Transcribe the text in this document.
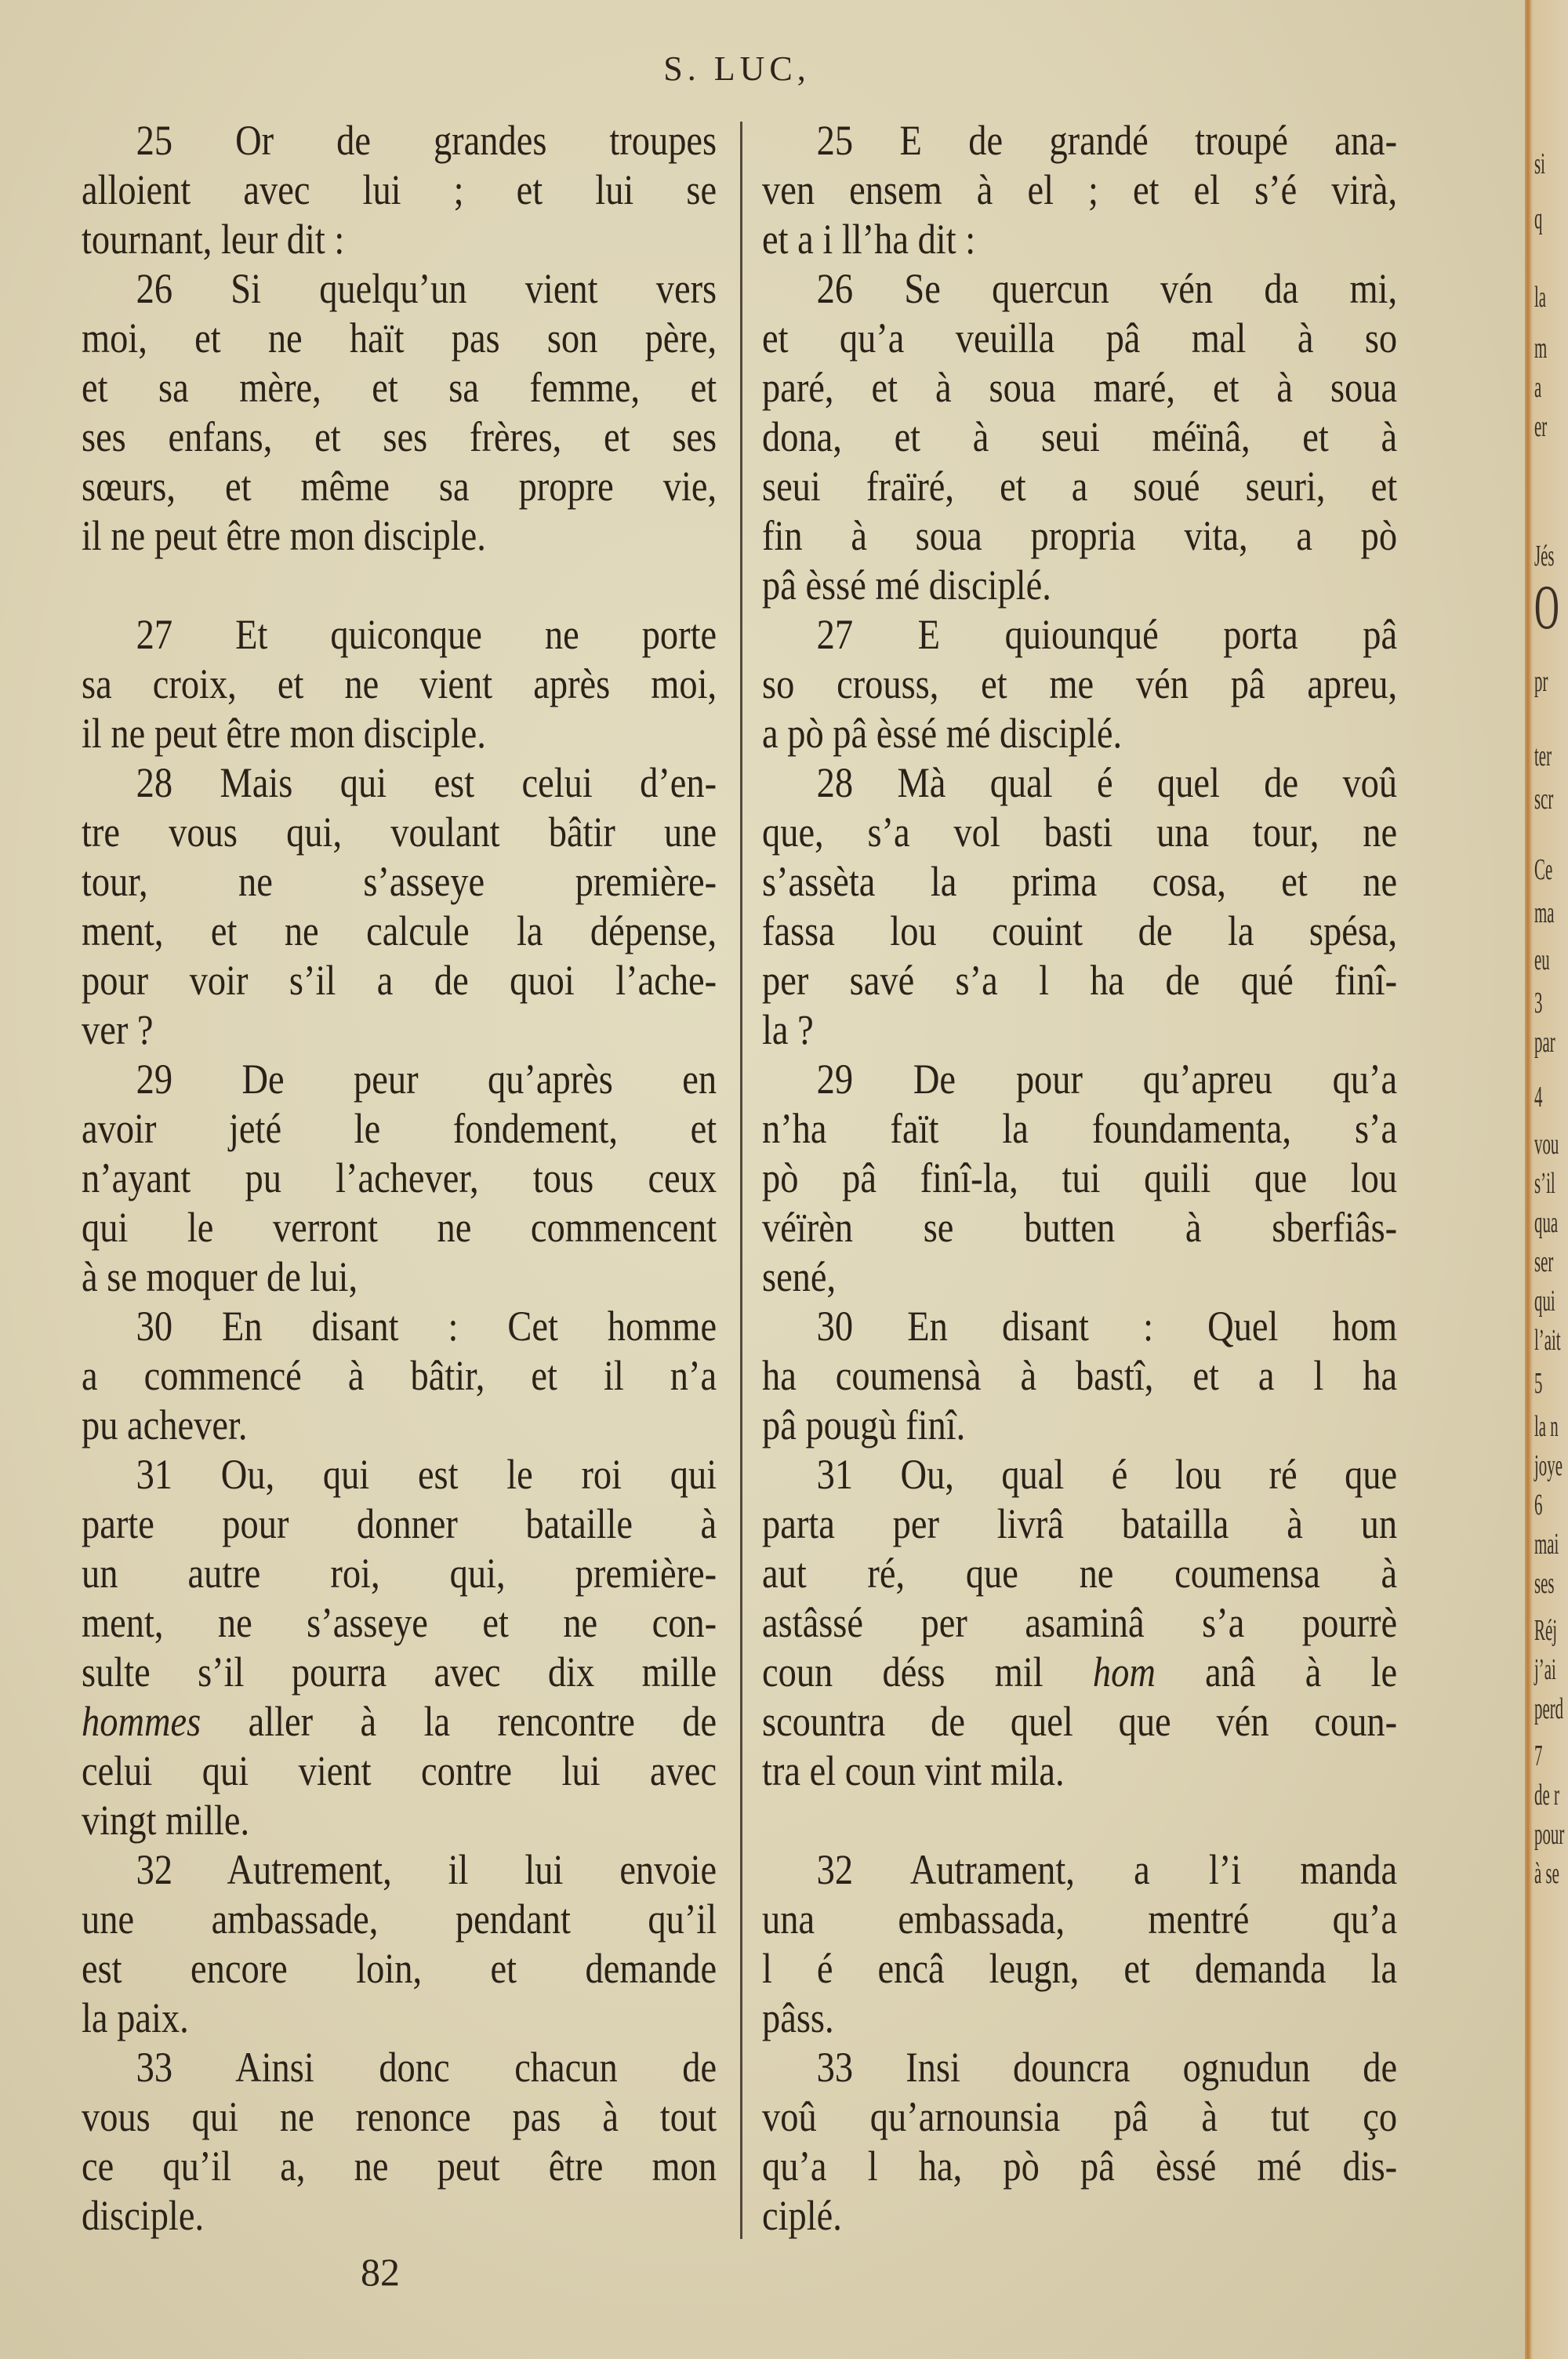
S. LUC,
25 Or de grandes troupes
alloient avec lui ; et lui se
tournant, leur dit :
26 Si quelqu’un vient vers
moi, et ne haït pas son père,
et sa mère, et sa femme, et
ses enfans, et ses frères, et ses
sœurs, et même sa propre vie,
il ne peut être mon disciple.
27 Et quiconque ne porte
sa croix, et ne vient après moi,
il ne peut être mon disciple.
28 Mais qui est celui d’en-
tre vous qui, voulant bâtir une
tour, ne s’asseye première-
ment, et ne calcule la dépense,
pour voir s’il a de quoi l’ache-
ver ?
29 De peur qu’après en
avoir jeté le fondement, et
n’ayant pu l’achever, tous ceux
qui le verront ne commencent
à se moquer de lui,
30 En disant : Cet homme
a commencé à bâtir, et il n’a
pu achever.
31 Ou, qui est le roi qui
parte pour donner bataille à
un autre roi, qui, première-
ment, ne s’asseye et ne con-
sulte s’il pourra avec dix mille
hommes aller à la rencontre de
celui qui vient contre lui avec
vingt mille.
32 Autrement, il lui envoie
une ambassade, pendant qu’il
est encore loin, et demande
la paix.
33 Ainsi donc chacun de
vous qui ne renonce pas à tout
ce qu’il a, ne peut être mon
disciple.
25 E de grandé troupé ana-
ven ensem à el ; et el s’é virà,
et a i ll’ha dit :
26 Se quercun vén da mi,
et qu’a veuilla pâ mal à so
paré, et à soua maré, et à soua
dona, et à seui méïnâ, et à
seui fraïré, et a soué seuri, et
fin à soua propria vita, a pò
pâ èssé mé disciplé.
27 E quiounqué porta pâ
so crouss, et me vén pâ apreu,
a pò pâ èssé mé disciplé.
28 Mà qual é quel de voû
que, s’a vol basti una tour, ne
s’assèta la prima cosa, et ne
fassa lou couint de la spésa,
per savé s’a l ha de qué finî-
la ?
29 De pour qu’apreu qu’a
n’ha faït la foundamenta, s’a
pò pâ finî-la, tui quili que lou
véïrèn se butten à sberfiâs-
sené,
30 En disant : Quel hom
ha coumensà à bastî, et a l ha
pâ pougù finî.
31 Ou, qual é lou ré que
parta per livrâ bataillа à un
aut ré, que ne coumensa à
astâssé per asaminâ s’a pourrè
coun déss mil hom anâ à le
scountra de quel que vén coun-
tra el coun vint mila.
32 Autrament, a l’i manda
una embassada, mentré qu’a
l é encâ leugn, et demanda la
pâss.
33 Insi douncra ognudun de
voû qu’arnounsia pâ à tut ço
qu’a l ha, pò pâ èssé mé dis-
ciplé.
82
si
q
la
m
a
er
Jés
O
pr
ter
scr
Ce
ma
eu
3
par
4
vou
s’il
qua
ser
qui
l’ait
5
la n
joye
6
mai
ses
Réj
j’ai
perd
7
de r
pour
à se
